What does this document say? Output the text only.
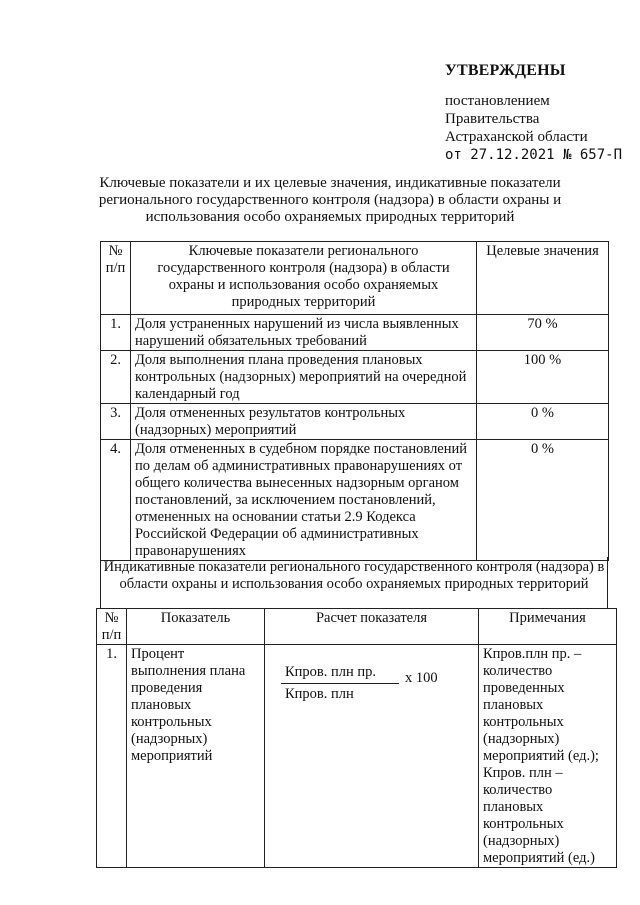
УТВЕРЖДЕНЫ
постановлением
Правительства
Астраханской области
от 27.12.2021 № 657-П
Ключевые показатели и их целевые значения, индикативные показатели регионального государственного контроля (надзора) в области охраны и использования особо охраняемых природных территорий
№ п/п	Ключевые показатели регионального государственного контроля (надзора) в области охраны и использования особо охраняемых природных территорий	Целевые значения
1.	Доля устраненных нарушений из числа выявленных нарушений обязательных требований	70 %
2.	Доля выполнения плана проведения плановых контрольных (надзорных) мероприятий на очередной календарный год	100 %
3.	Доля отмененных результатов контрольных (надзорных) мероприятий	0 %
4.	Доля отмененных в судебном порядке постановлений по делам об административных правонарушениях от общего количества вынесенных надзорным органом постановлений, за исключением постановлений, отмененных на основании статьи 2.9 Кодекса Российской Федерации об административных правонарушениях	0 %
Индикативные показатели регионального государственного контроля (надзора) в области охраны и использования особо охраняемых природных территорий
№ п/п	Показатель	Расчет показателя	Примечания
1.	Процент выполнения плана проведения плановых контрольных (надзорных) мероприятий	Кпров. плн пр.
Кпров. плн
х 100	Кпров.плн пр. – количество проведенных плановых контрольных (надзорных) мероприятий (ед.); Кпров. плн – количество плановых контрольных (надзорных) мероприятий (ед.)
